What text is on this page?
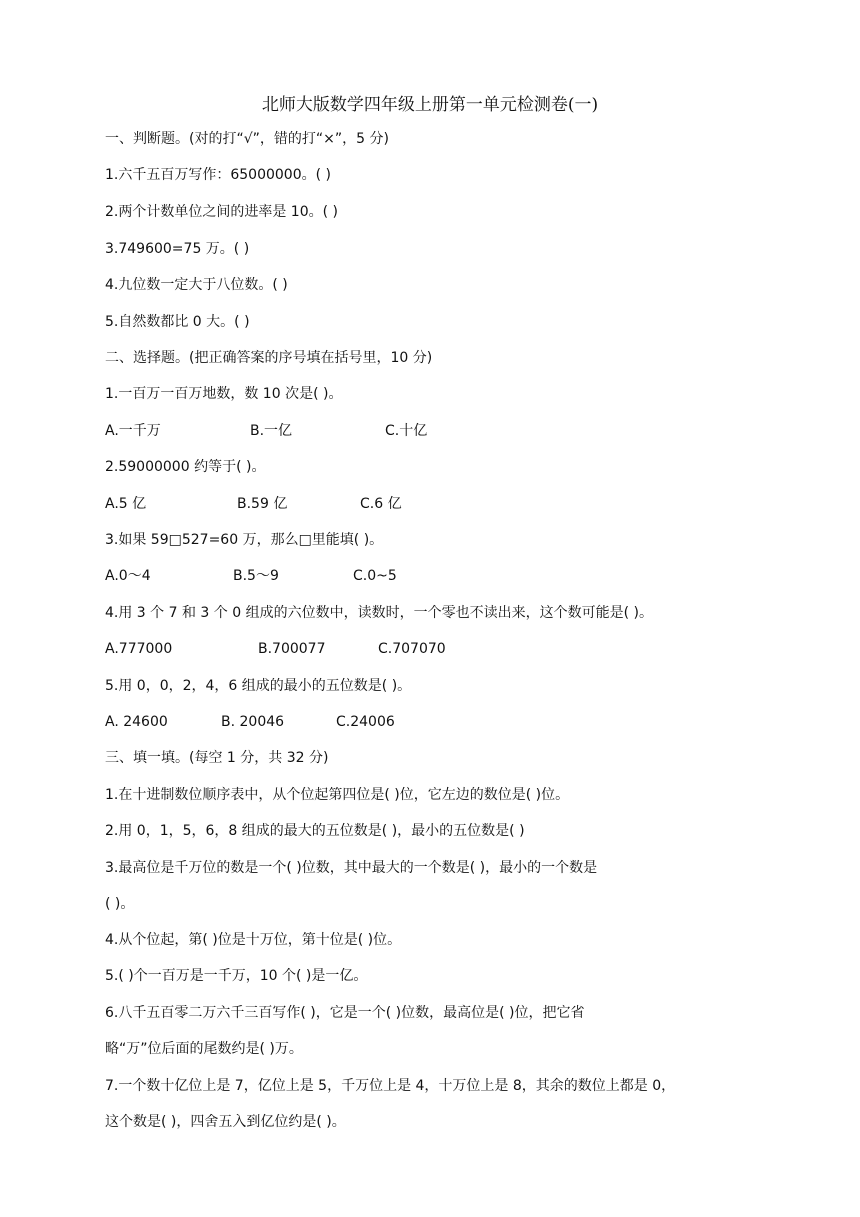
北师大版数学四年级上册第一单元检测卷(一)
一、判断题。(对的打“√”，错的打“×”，5 分)
1.六千五百万写作：65000000。( )
2.两个计数单位之间的进率是 10。( )
3.749600=75 万。( )
4.九位数一定大于八位数。( )
5.自然数都比 0 大。( )
二、选择题。(把正确答案的序号填在括号里，10 分)
1.一百万一百万地数，数 10 次是( )。
A.一千万	B.一亿	C.十亿
2.59000000 约等于( )。
A.5 亿	B.59 亿	C.6 亿
3.如果 59□527=60 万，那么□里能填( )。
A.0～4	B.5～9	C.0~5
4.用 3 个 7 和 3 个 0 组成的六位数中，读数时，一个零也不读出来，这个数可能是( )。
A.777000	B.700077	C.707070
5.用 0，0，2，4，6 组成的最小的五位数是( )。
A. 24600	B. 20046	C.24006
三、填一填。(每空 1 分，共 32 分)
1.在十进制数位顺序表中，从个位起第四位是( )位，它左边的数位是( )位。
2.用 0，1，5，6，8 组成的最大的五位数是( )，最小的五位数是( )
3.最高位是千万位的数是一个( )位数，其中最大的一个数是( )，最小的一个数是
( )。
4.从个位起，第( )位是十万位，第十位是( )位。
5.( )个一百万是一千万，10 个( )是一亿。
6.八千五百零二万六千三百写作( )，它是一个( )位数，最高位是( )位，把它省
略“万”位后面的尾数约是( )万。
7.一个数十亿位上是 7，亿位上是 5，千万位上是 4，十万位上是 8，其余的数位上都是 0，
这个数是( )，四舍五入到亿位约是( )。
